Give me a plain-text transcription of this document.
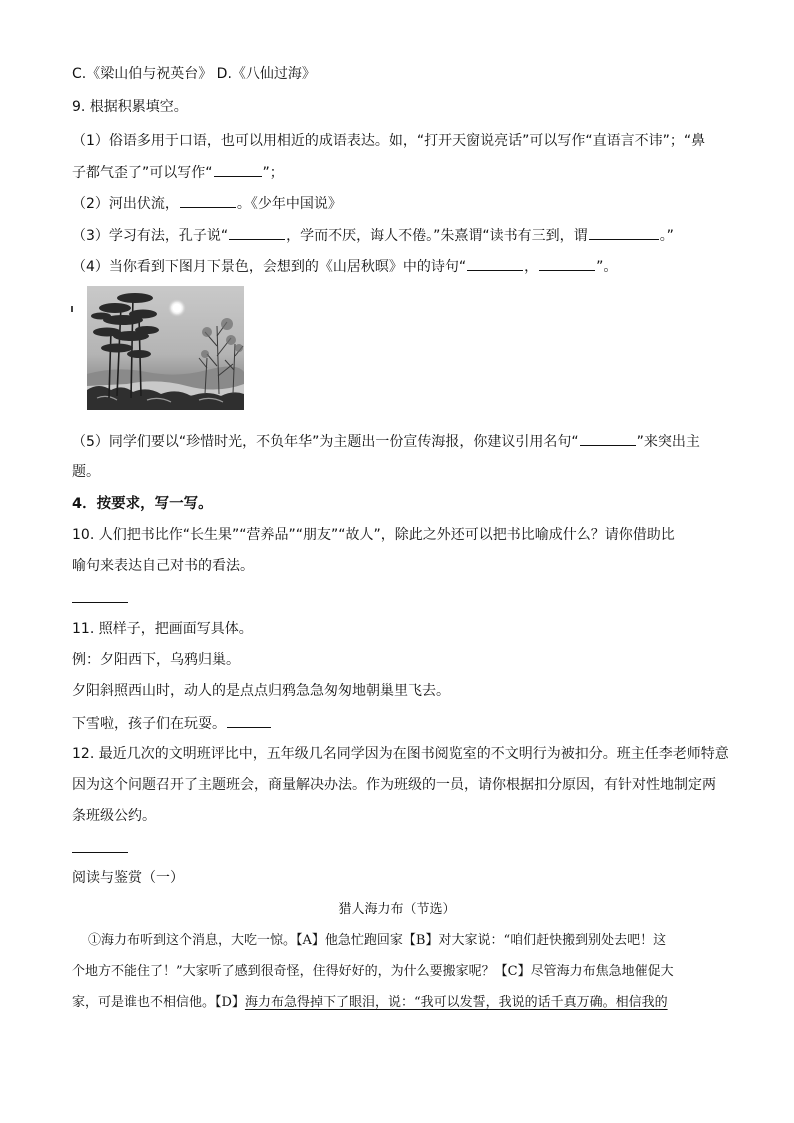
C.《梁山伯与祝英台》 D.《八仙过海》
9. 根据积累填空。
（1）俗语多用于口语，也可以用相近的成语表达。如，“打开天窗说亮话”可以写作“直语言不讳”；“鼻
子都气歪了”可以写作“	”；
（2）河出伏流，	。《少年中国说》
（3）学习有法，孔子说“	，学而不厌，诲人不倦。”朱熹谓“读书有三到，谓	。”
（4）当你看到下图月下景色，会想到的《山居秋暝》中的诗句“	，	”。
（5）同学们要以“珍惜时光，不负年华”为主题出一份宣传海报，你建议引用名句“	”来突出主
题。
4．按要求，写一写。
10. 人们把书比作“长生果”“营养品”“朋友”“故人”，除此之外还可以把书比喻成什么？请你借助比
喻句来表达自己对书的看法。
11. 照样子，把画面写具体。
例：夕阳西下，乌鸦归巢。
夕阳斜照西山时，动人的是点点归鸦急急匆匆地朝巢里飞去。
下雪啦，孩子们在玩耍。
12. 最近几次的文明班评比中，五年级几名同学因为在图书阅览室的不文明行为被扣分。班主任李老师特意
因为这个问题召开了主题班会，商量解决办法。作为班级的一员，请你根据扣分原因，有针对性地制定两
条班级公约。
阅读与鉴赏（一）
猎人海力布（节选）
①海力布听到这个消息，大吃一惊。【A】他急忙跑回家【B】对大家说：“咱们赶快搬到别处去吧！这
个地方不能住了！”大家听了感到很奇怪，住得好好的，为什么要搬家呢？【C】尽管海力布焦急地催促大
家，可是谁也不相信他。【D】海力布急得掉下了眼泪，说：“我可以发誓，我说的话千真万确。相信我的
